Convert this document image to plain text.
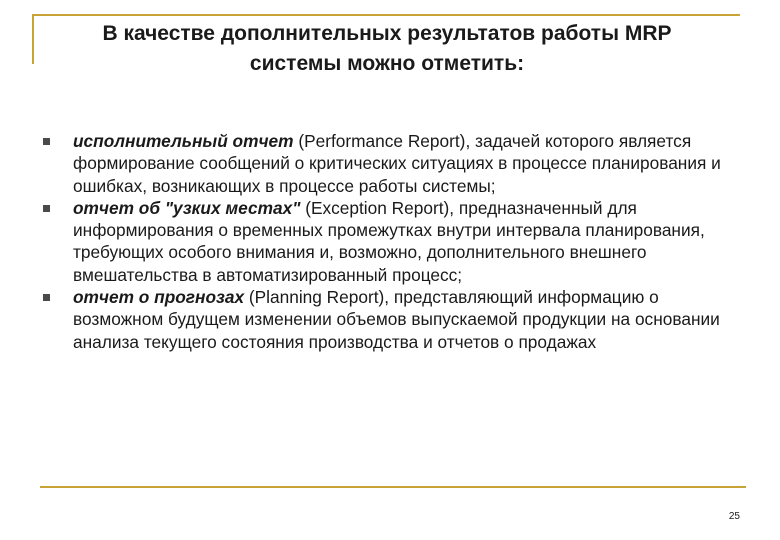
В качестве дополнительных результатов работы MRP
системы можно отметить:
исполнительный отчет (Performance Report), задачей которого является формирование сообщений о критических ситуациях в процессе планирования и ошибках, возникающих в процессе работы системы;
отчет об "узких местах" (Exception Report), предназначенный для информирования о временных промежутках внутри интервала планирования, требующих особого внимания и, возможно, дополнительного внешнего вмешательства в автоматизированный процесс;
отчет о прогнозах (Planning Report), представляющий информацию о возможном будущем изменении объемов выпускаемой продукции на основании анализа текущего состояния производства и отчетов о продажах
25
